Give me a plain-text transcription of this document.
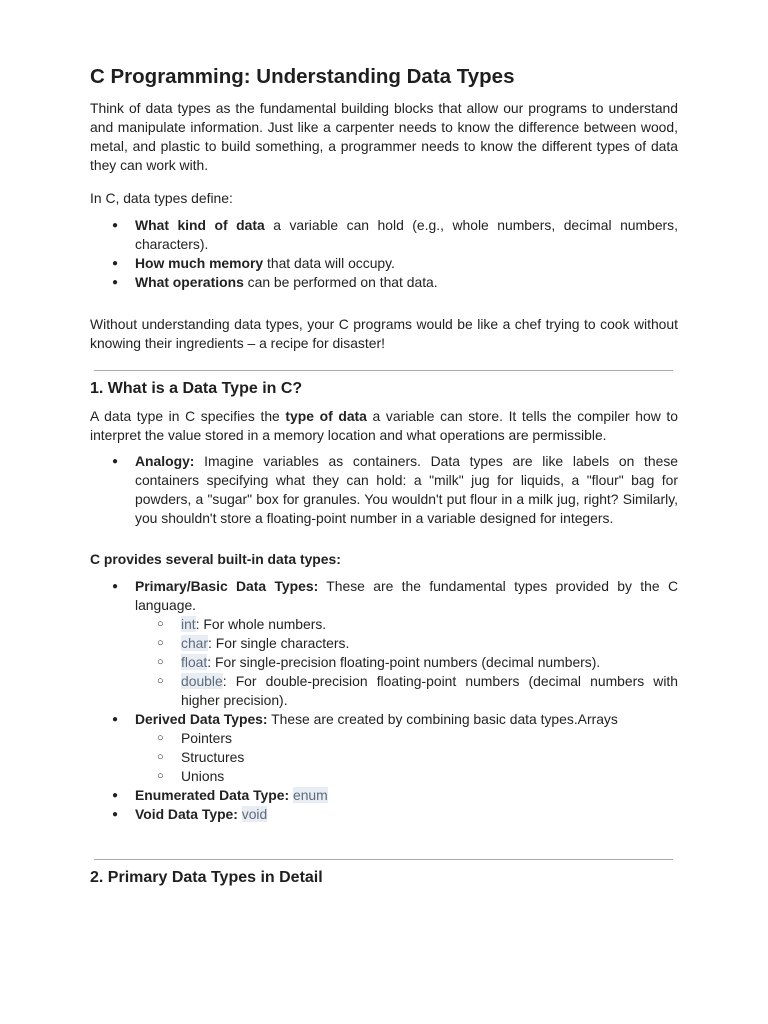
C Programming: Understanding Data Types

Think of data types as the fundamental building blocks that allow our programs to understand and manipulate information. Just like a carpenter needs to know the difference between wood, metal, and plastic to build something, a programmer needs to know the different types of data they can work with.

In C, data types define:

● What kind of data a variable can hold (e.g., whole numbers, decimal numbers, characters).
● How much memory that data will occupy.
● What operations can be performed on that data.

Without understanding data types, your C programs would be like a chef trying to cook without knowing their ingredients – a recipe for disaster!

1. What is a Data Type in C?

A data type in C specifies the type of data a variable can store. It tells the compiler how to interpret the value stored in a memory location and what operations are permissible.

● Analogy: Imagine variables as containers. Data types are like labels on these containers specifying what they can hold: a "milk" jug for liquids, a "flour" bag for powders, a "sugar" box for granules. You wouldn't put flour in a milk jug, right? Similarly, you shouldn't store a floating-point number in a variable designed for integers.

C provides several built-in data types:

● Primary/Basic Data Types: These are the fundamental types provided by the C language.
○ int: For whole numbers.
○ char: For single characters.
○ float: For single-precision floating-point numbers (decimal numbers).
○ double: For double-precision floating-point numbers (decimal numbers with higher precision).
● Derived Data Types: These are created by combining basic data types.Arrays
○ Pointers
○ Structures
○ Unions
● Enumerated Data Type: enum
● Void Data Type: void
2. Primary Data Types in Detail
